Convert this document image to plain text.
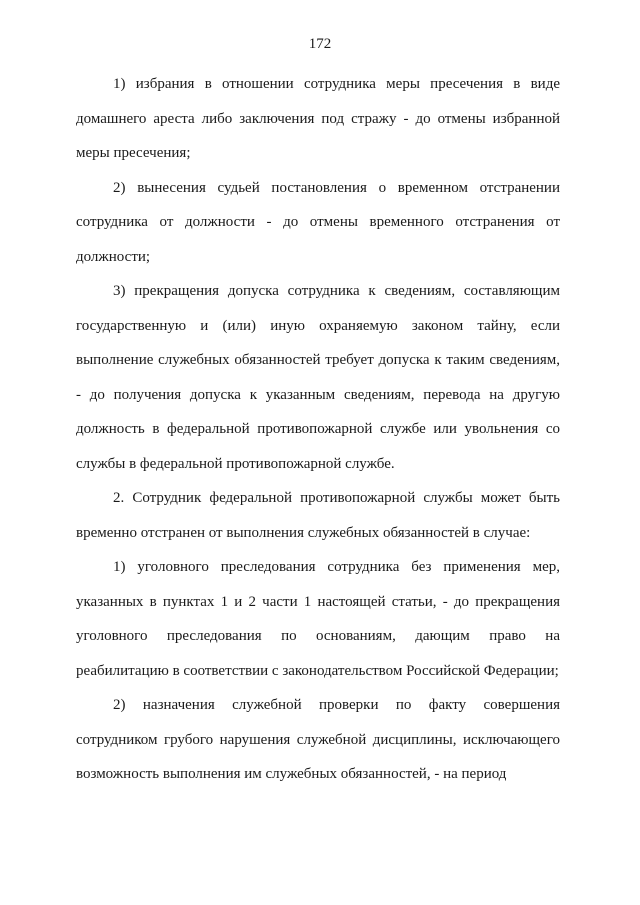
172

1) избрания в отношении сотрудника меры пресечения в виде домашнего ареста либо заключения под стражу - до отмены избранной меры пресечения;

2) вынесения судьей постановления о временном отстранении сотрудника от должности - до отмены временного отстранения от должности;

3) прекращения допуска сотрудника к сведениям, составляющим государственную и (или) иную охраняемую законом тайну, если выполнение служебных обязанностей требует допуска к таким сведениям, - до получения допуска к указанным сведениям, перевода на другую должность в федеральной противопожарной службе или увольнения со службы в федеральной противопожарной службе.

2. Сотрудник федеральной противопожарной службы может быть временно отстранен от выполнения служебных обязанностей в случае:

1) уголовного преследования сотрудника без применения мер, указанных в пунктах 1 и 2 части 1 настоящей статьи, - до прекращения уголовного преследования по основаниям, дающим право на реабилитацию в соответствии с законодательством Российской Федерации;

2) назначения служебной проверки по факту совершения сотрудником грубого нарушения служебной дисциплины, исключающего возможность выполнения им служебных обязанностей, - на период
